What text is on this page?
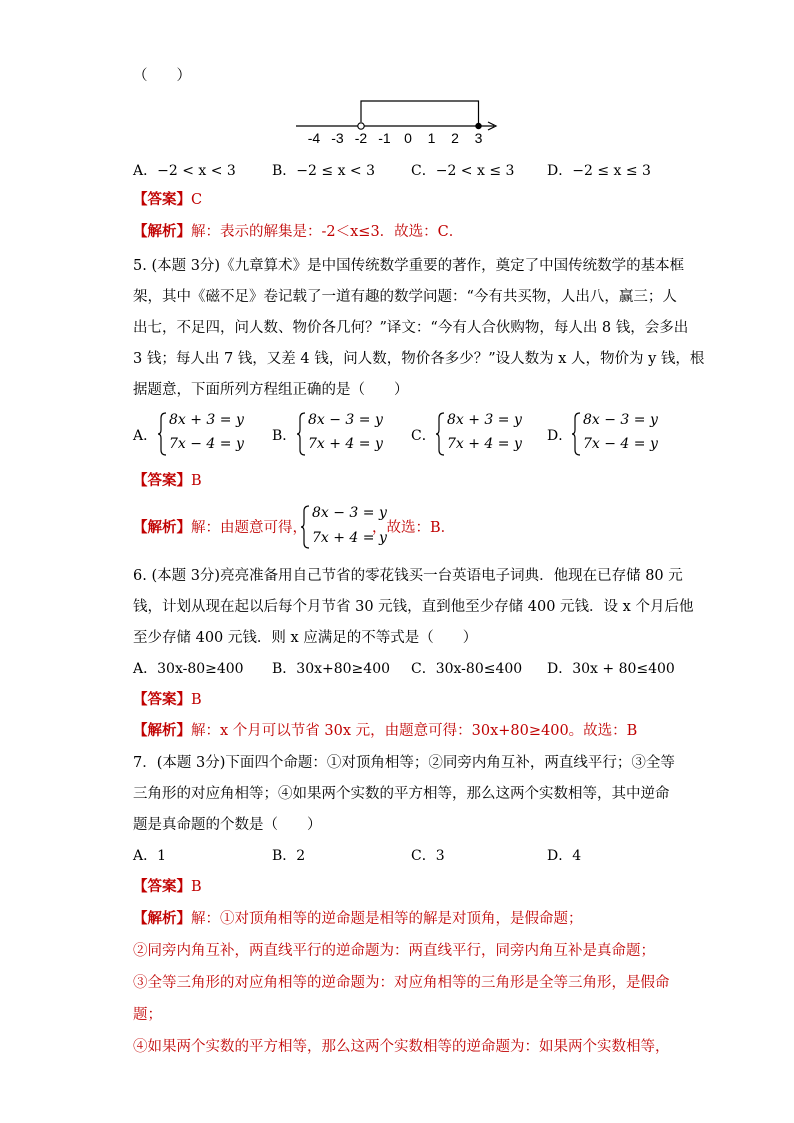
（　　）
-4 -3 -2 -1 0 1 2 3
A．−2 < x < 3	B．−2 ≤ x < 3	C．−2 < x ≤ 3 D．−2 ≤ x ≤ 3
【答案】C
【解析】解：表示的解集是：-2＜x≤3．故选：C．
5. (本题 3分)《九章算术》是中国传统数学重要的著作，奠定了中国传统数学的基本框
架，其中《磁不足》卷记载了一道有趣的数学问题：“今有共买物，人出八，赢三；人
出七，不足四，问人数、物价各几何？”译文：“今有人合伙购物，每人出 8 钱，会多出
3 钱；每人出 7 钱，又差 4 钱，问人数，物价各多少？”设人数为 x 人，物价为 y 钱，根
据题意，下面所列方程组正确的是（　　）
A．
8x + 3 = y
7x − 4 = y B．
8x − 3 = y
7x + 4 = y C．
8x + 3 = y
7x + 4 = y D．
8x − 3 = y
7x − 4 = y
【答案】B
【解析】解：由题意可得，
8x − 3 = y
7x + 4 = y
，故选：B．
6. (本题 3分)亮亮准备用自己节省的零花钱买一台英语电子词典．他现在已存储 80 元
钱，计划从现在起以后每个月节省 30 元钱，直到他至少存储 400 元钱．设 x 个月后他
至少存储 400 元钱．则 x 应满足的不等式是（　　）
A．30x-80≥400 B．30x+80≥400 C．30x-80≤400 D．30x + 80≤400
【答案】B
【解析】解：x 个月可以节省 30x 元，由题意可得：30x+80≥400。故选：B
7．(本题 3分)下面四个命题：①对顶角相等；②同旁内角互补，两直线平行；③全等
三角形的对应角相等；④如果两个实数的平方相等，那么这两个实数相等，其中逆命
题是真命题的个数是（　　）
A．1	B．2	C．3	D．4
【答案】B
【解析】解：①对顶角相等的逆命题是相等的解是对顶角，是假命题；
②同旁内角互补，两直线平行的逆命题为：两直线平行，同旁内角互补是真命题；
③全等三角形的对应角相等的逆命题为：对应角相等的三角形是全等三角形，是假命
题；
④如果两个实数的平方相等，那么这两个实数相等的逆命题为：如果两个实数相等，
